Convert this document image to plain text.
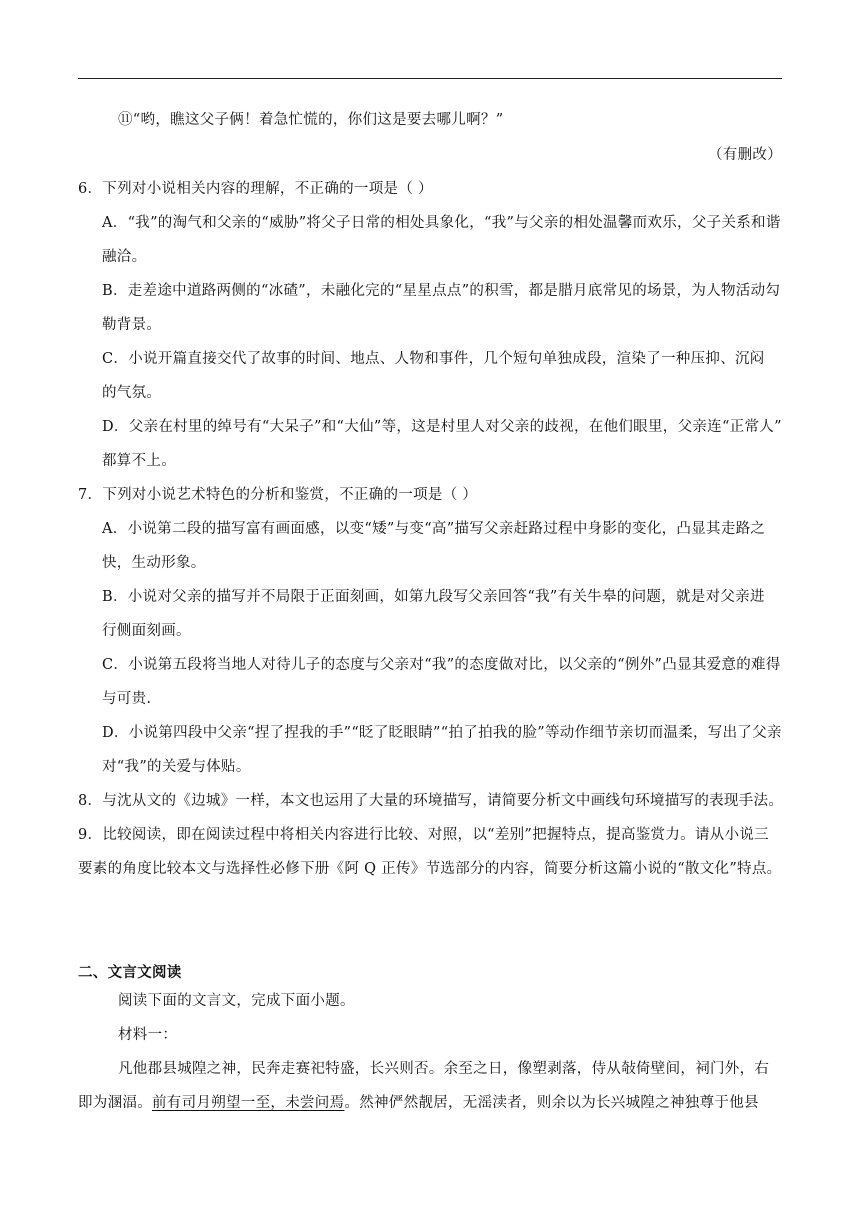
⑪“哟，瞧这父子俩！着急忙慌的，你们这是要去哪儿啊？”
（有删改）
6．下列对小说相关内容的理解，不正确的一项是（ ）
A．“我”的淘气和父亲的“威胁”将父子日常的相处具象化，“我”与父亲的相处温馨而欢乐，父子关系和谐
融洽。
B．走差途中道路两侧的“冰碴”，未融化完的“星星点点”的积雪，都是腊月底常见的场景，为人物活动勾
勒背景。
C．小说开篇直接交代了故事的时间、地点、人物和事件，几个短句单独成段，渲染了一种压抑、沉闷
的气氛。
D．父亲在村里的绰号有“大呆子”和“大仙”等，这是村里人对父亲的歧视，在他们眼里，父亲连“正常人”
都算不上。
7．下列对小说艺术特色的分析和鉴赏，不正确的一项是（ ）
A．小说第二段的描写富有画面感，以变“矮”与变“高”描写父亲赶路过程中身影的变化，凸显其走路之
快，生动形象。
B．小说对父亲的描写并不局限于正面刻画，如第九段写父亲回答“我”有关牛皋的问题，就是对父亲进
行侧面刻画。
C．小说第五段将当地人对待儿子的态度与父亲对“我”的态度做对比，以父亲的“例外”凸显其爱意的难得
与可贵.
D．小说第四段中父亲“捏了捏我的手”“眨了眨眼睛”“拍了拍我的脸”等动作细节亲切而温柔，写出了父亲
对“我”的关爱与体贴。
8．与沈从文的《边城》一样，本文也运用了大量的环境描写，请简要分析文中画线句环境描写的表现手法。
9．比较阅读，即在阅读过程中将相关内容进行比较、对照，以“差别”把握特点，提高鉴赏力。请从小说三
要素的角度比较本文与选择性必修下册《阿 Q 正传》节选部分的内容，简要分析这篇小说的“散文化”特点。
二、文言文阅读
阅读下面的文言文，完成下面小题。
材料一：
凡他郡县城隍之神，民奔走赛祀特盛，长兴则否。余至之日，像塑剥落，侍从敧倚壁间，祠门外，右
即为溷湢。前有司月朔望一至，未尝问焉。然神俨然靓居，无滛渎者，则余以为长兴城隍之神独尊于他县
